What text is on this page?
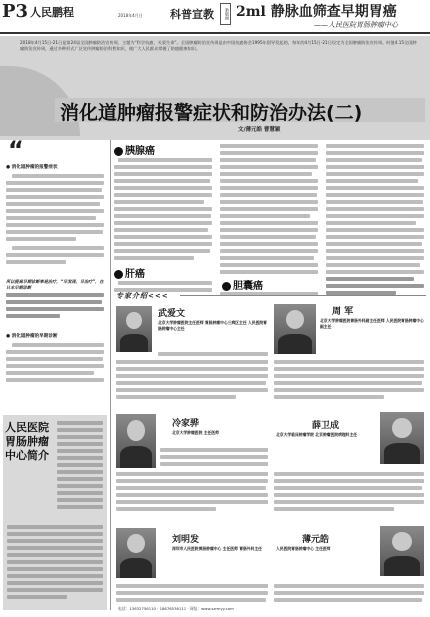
P3 人民鹏程	2018年4月日 科普宣教	新版面 2ml 静脉血筛查早期胃癌
——人民医院胃肠肿瘤中心
2018年4月15日-21日是第24届全国肿瘤防治宣传周，主题为“科学抗癌，关爱生命”。全国肿瘤防治宣传周是由中国抗癌协会1995年倡导发起的，每年的4月15日-21日设定为全国肿瘤防治宣传周。时值4.15全国肿瘤防治宣传周，通过多种形式广泛宣传肿瘤防治科普知识，使广大人民群众掌握了防癌健康知识。
消化道肿瘤报警症状和防治办法(二)
文/薄元皓 曹慧颖
“
● 消化道肿瘤的报警症状
所以提高早期诊断率是治疗，“早发现、早治疗”，在日本早期诊断
● 消化道肿瘤的早期诊断
人民医院胃肠肿瘤中心简介
胰腺癌
肝癌
胆囊癌
专家介绍<<<
武爱文
北京大学肿瘤医院主任医师 胃肠肿瘤中心三病区主任 人民医院胃肠肿瘤中心主任
周 军
北京大学肿瘤医院胃肠外科副主任医师 人民医院胃肠肿瘤中心副主任
冷家骅
北京大学肿瘤医院 主任医师
薛卫成
北京大学临床肿瘤学院 北京肿瘤医院病理科主任
刘明发
深圳市人民医院胃肠肿瘤中心 主任医师 胃肠外科主任
薄元皓
人民医院胃肠肿瘤中心 主任医师
电话：13632756110 · 18676536111 · 网址：www.szrmyy.com
